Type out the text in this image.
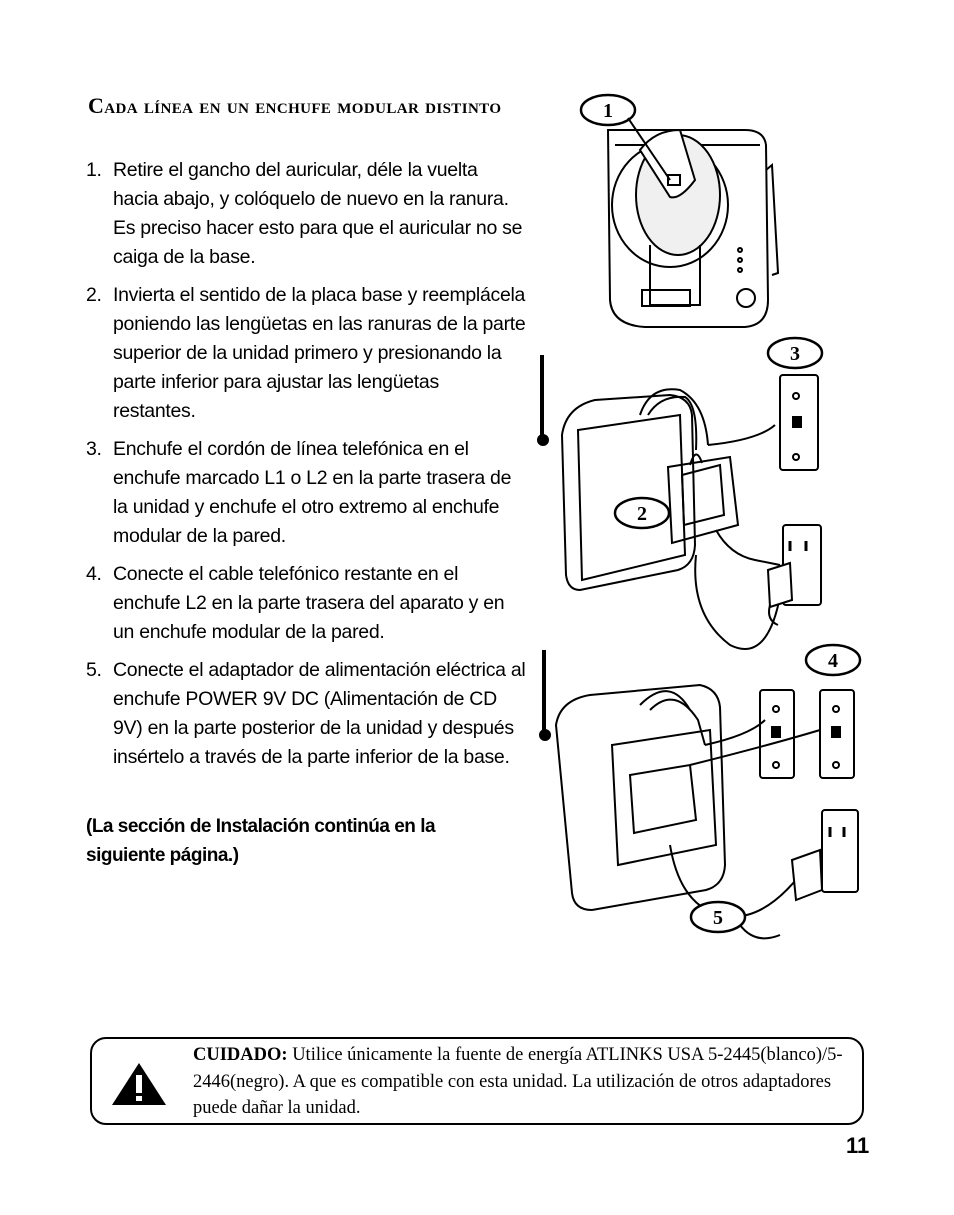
Cada línea en un enchufe modular distinto
1. Retire el gancho del auricular, déle la vuelta hacia abajo, y colóquelo de nuevo en la ranura. Es preciso hacer esto para que el auricular no se caiga de la base.
2. Invierta el sentido de la placa base y reemplácela poniendo las lengüetas en las ranuras de la parte superior de la unidad primero y presionando la parte inferior para ajustar las lengüetas restantes.
3. Enchufe el cordón de línea telefónica en el enchufe marcado L1 o L2 en la parte trasera de la unidad y enchufe el otro extremo al enchufe modular de la pared.
4. Conecte el cable telefónico restante en el enchufe L2 en la parte trasera del aparato y en un enchufe modular de la pared.
5. Conecte el adaptador de alimentación eléctrica al enchufe POWER 9V DC (Alimentación de CD 9V) en la parte posterior de la unidad y después insértelo a través de la parte inferior de la base.
(La sección de Instalación continúa en la siguiente página.)
1
2
3
4
5
CUIDADO: Utilice únicamente la fuente de energía ATLINKS USA 5-2445(blanco)/5-2446(negro). A que es compatible con esta unidad. La utilización de otros adaptadores puede dañar la unidad.
11
